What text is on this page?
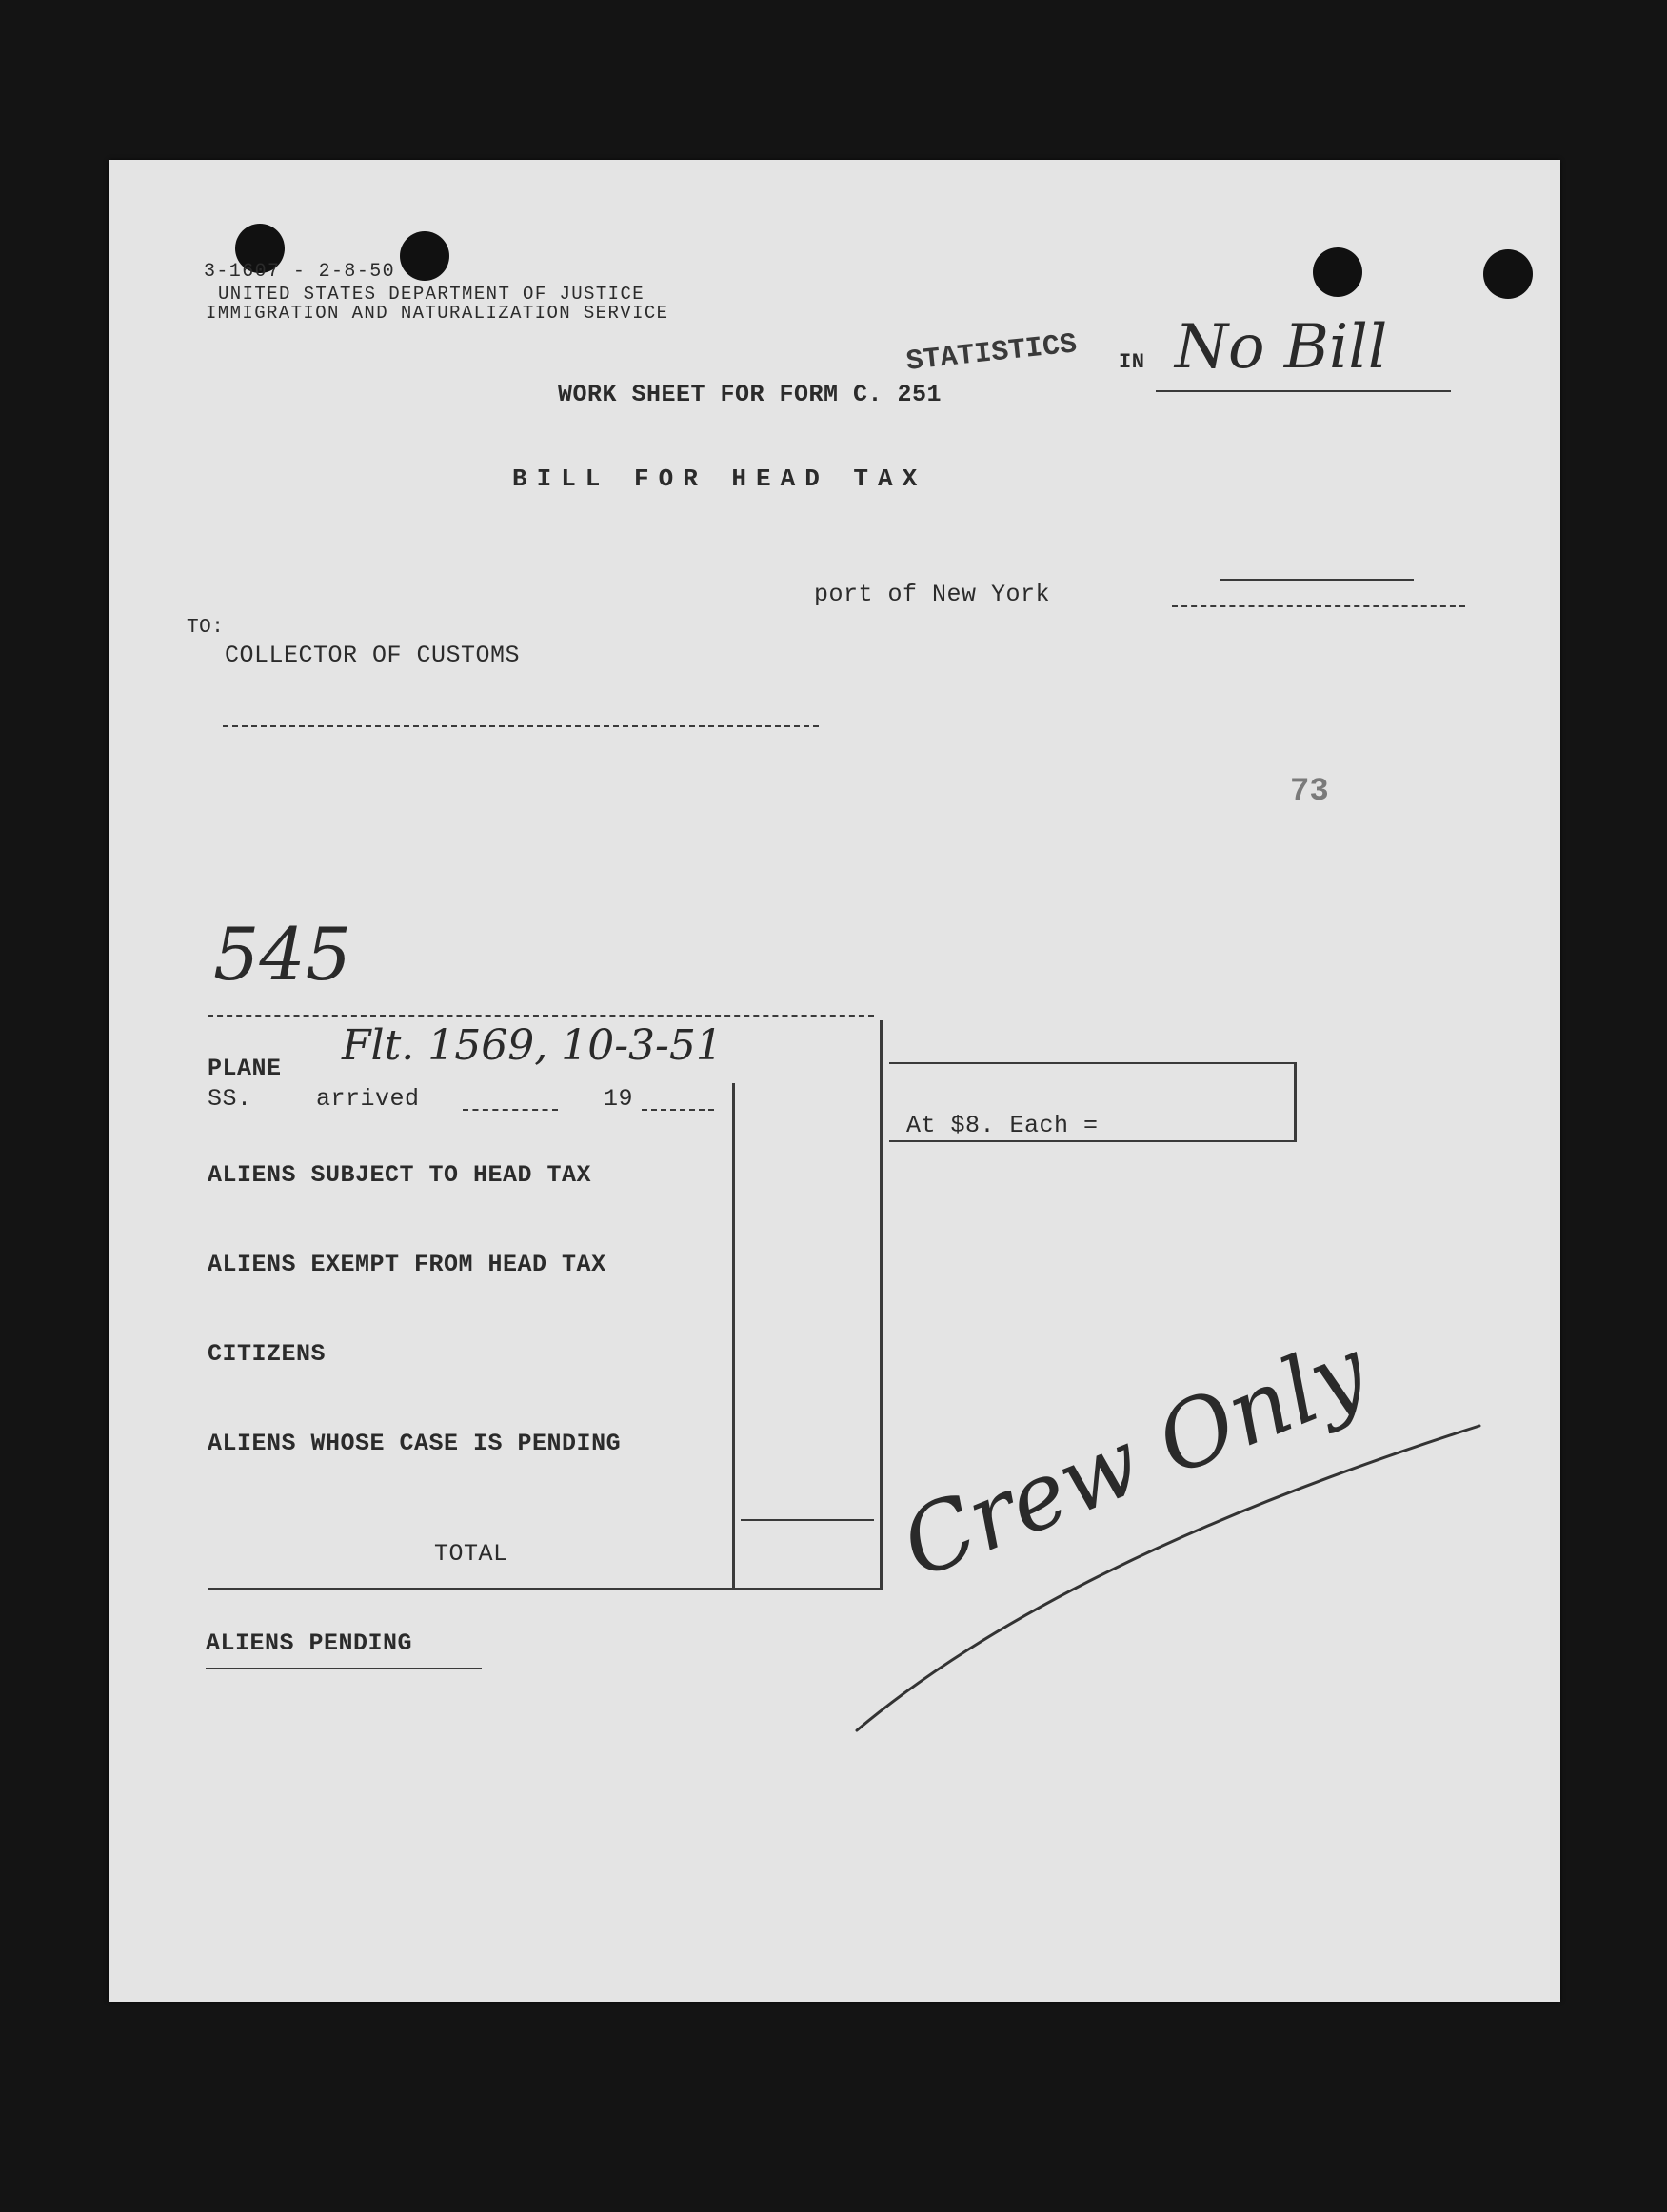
3-1607 - 2-8-50
UNITED STATES DEPARTMENT OF JUSTICE
IMMIGRATION AND NATURALIZATION SERVICE
STATISTICS IN No Bill
WORK SHEET FOR FORM C. 251
BILL FOR HEAD TAX
port of New York
TO:
COLLECTOR OF CUSTOMS
73
545
At $8. Each =
PLANE Flt. 1569, 10-3-51
SS.	arrived	19
ALIENS SUBJECT TO HEAD TAX
ALIENS EXEMPT FROM HEAD TAX
CITIZENS
ALIENS WHOSE CASE IS PENDING
TOTAL
ALIENS PENDING
Crew Only
